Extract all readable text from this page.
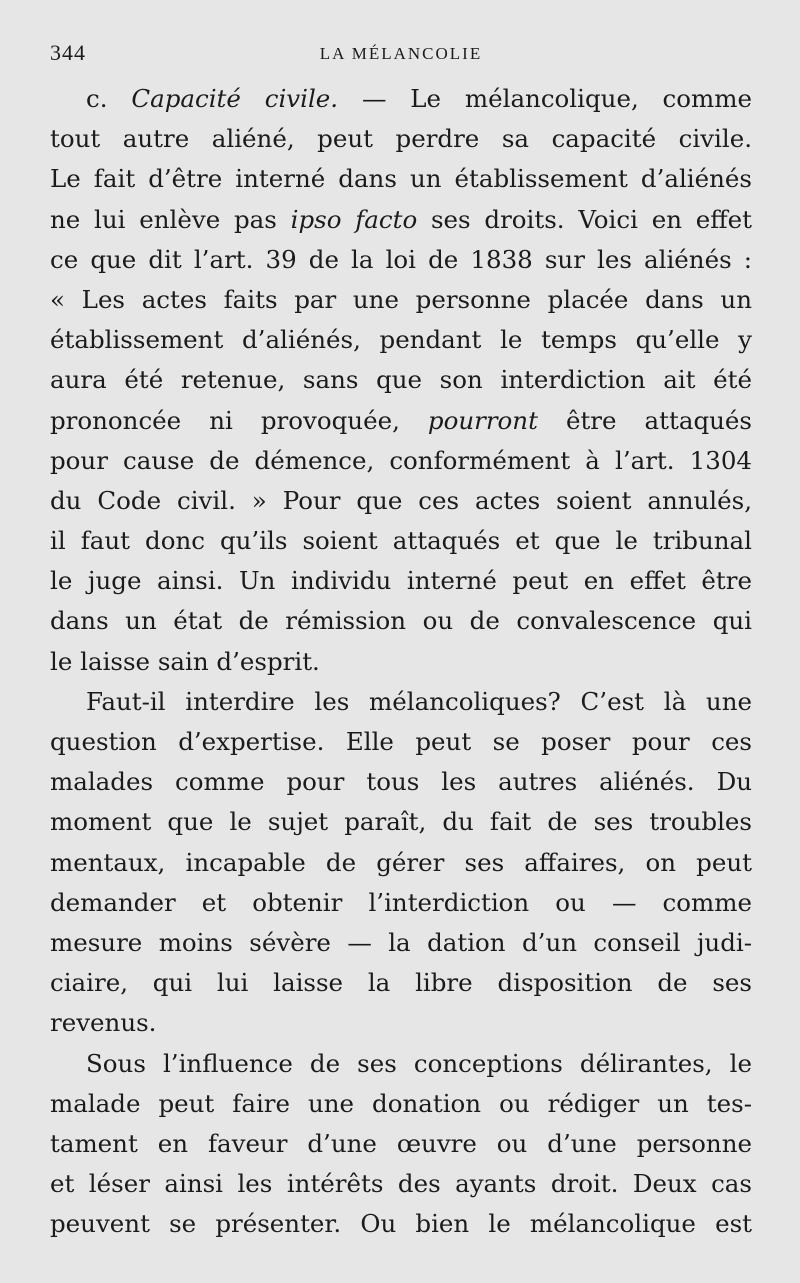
344	LA MÉLANCOLIE
c. Capacité civile. — Le mélancolique, comme
tout autre aliéné, peut perdre sa capacité civile.
Le fait d’être interné dans un établissement d’aliénés
ne lui enlève pas ipso facto ses droits. Voici en effet
ce que dit l’art. 39 de la loi de 1838 sur les aliénés :
« Les actes faits par une personne placée dans un
établissement d’aliénés, pendant le temps qu’elle y
aura été retenue, sans que son interdiction ait été
prononcée ni provoquée, pourront être attaqués
pour cause de démence, conformément à l’art. 1304
du Code civil. » Pour que ces actes soient annulés,
il faut donc qu’ils soient attaqués et que le tribunal
le juge ainsi. Un individu interné peut en effet être
dans un état de rémission ou de convalescence qui
le laisse sain d’esprit.
Faut-il interdire les mélancoliques? C’est là une
question d’expertise. Elle peut se poser pour ces
malades comme pour tous les autres aliénés. Du
moment que le sujet paraît, du fait de ses troubles
mentaux, incapable de gérer ses affaires, on peut
demander et obtenir l’interdiction ou — comme
mesure moins sévère — la dation d’un conseil judi-
ciaire, qui lui laisse la libre disposition de ses
revenus.
Sous l’influence de ses conceptions délirantes, le
malade peut faire une donation ou rédiger un tes-
tament en faveur d’une œuvre ou d’une personne
et léser ainsi les intérêts des ayants droit. Deux cas
peuvent se présenter. Ou bien le mélancolique est
